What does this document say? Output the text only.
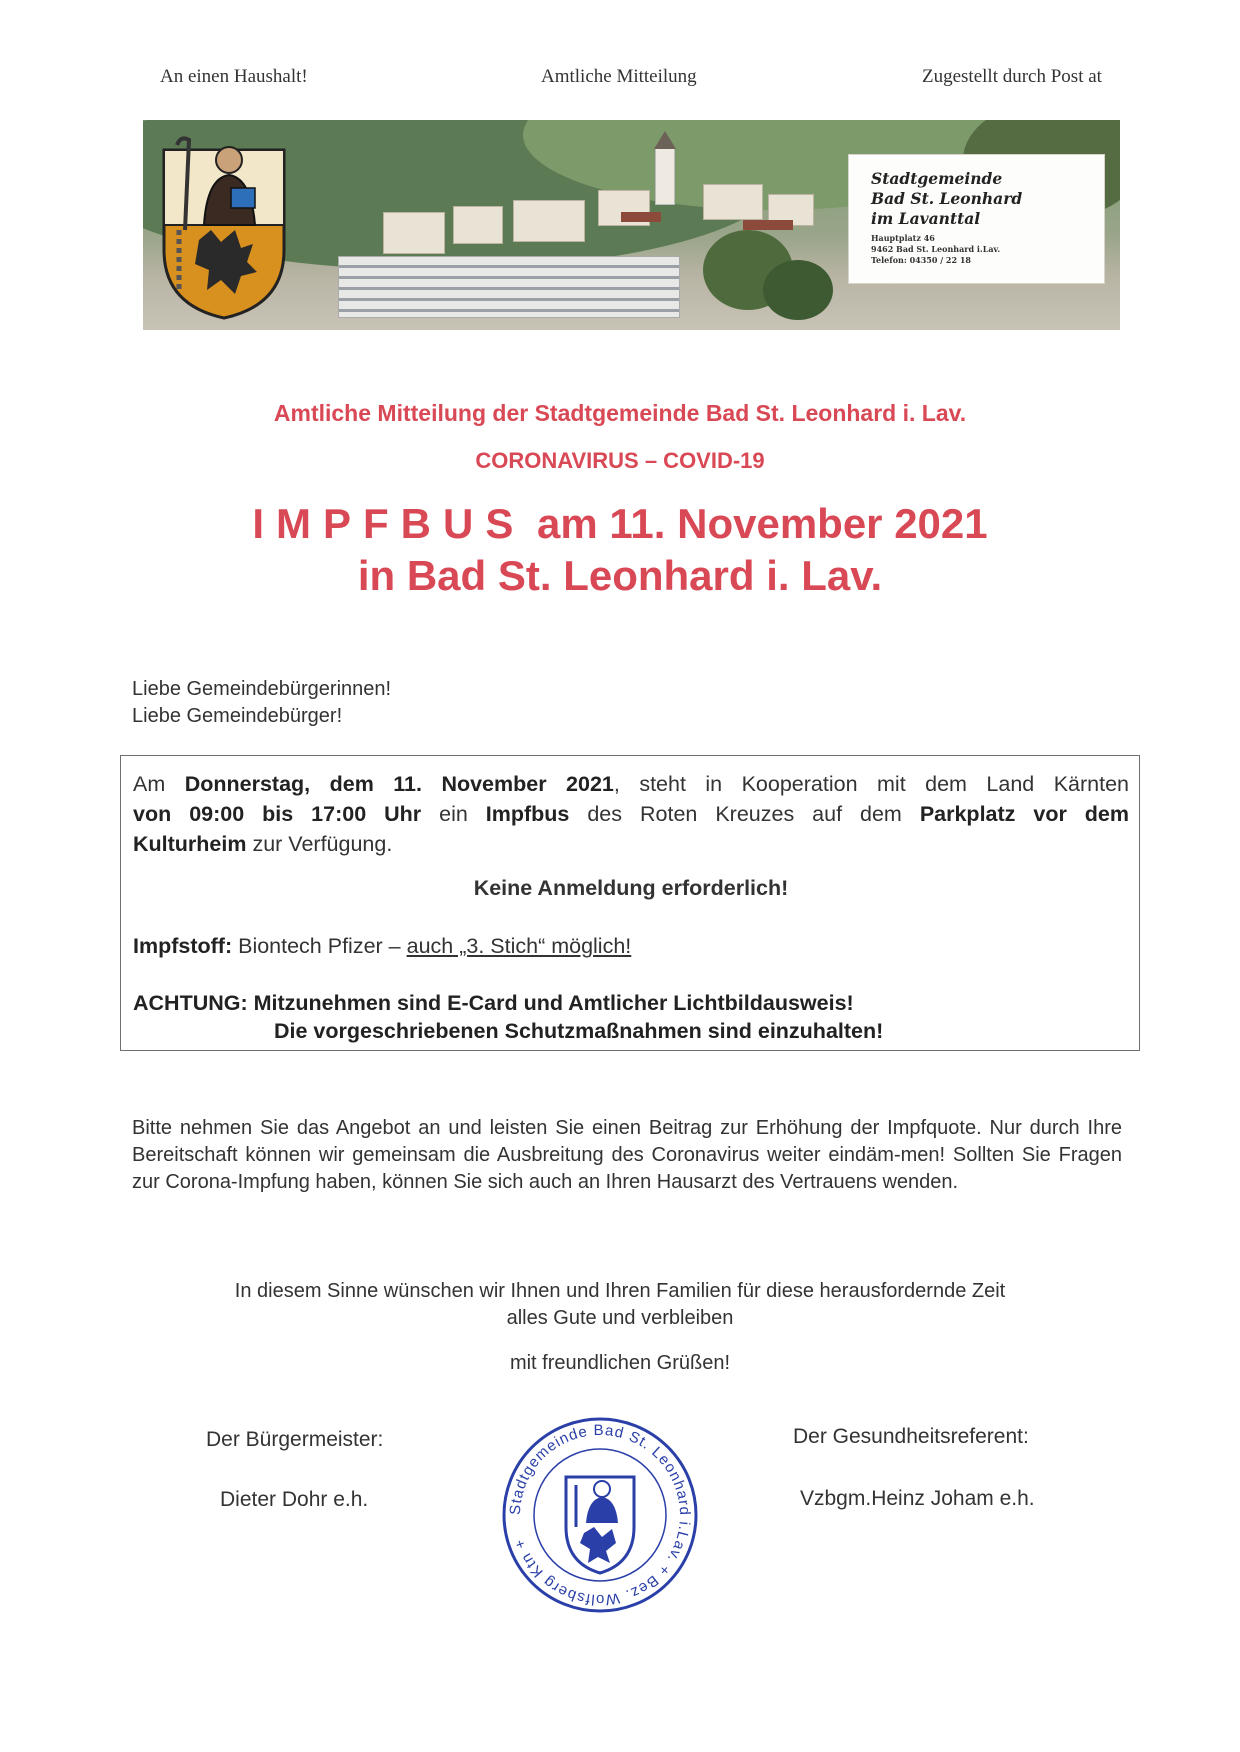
An einen Haushalt!	Amtliche Mitteilung	Zugestellt durch Post at
Stadtgemeinde
Bad St. Leonhard
im Lavanttal
Hauptplatz 46
9462 Bad St. Leonhard i.Lav.
Telefon: 04350 / 22 18
Amtliche Mitteilung der Stadtgemeinde Bad St. Leonhard i. Lav.
CORONAVIRUS – COVID-19
IMPFBUS am 11. November 2021
in Bad St. Leonhard i. Lav.
Liebe Gemeindebürgerinnen!
Liebe Gemeindebürger!
Am Donnerstag, dem 11. November 2021, steht in Kooperation mit dem Land Kärnten
von 09:00 bis 17:00 Uhr ein Impfbus des Roten Kreuzes auf dem Parkplatz vor dem
Kulturheim zur Verfügung.
Keine Anmeldung erforderlich!
Impfstoff: Biontech Pfizer – auch „3. Stich“ möglich!
ACHTUNG: Mitzunehmen sind E-Card und Amtlicher Lichtbildausweis!
Die vorgeschriebenen Schutzmaßnahmen sind einzuhalten!
Bitte nehmen Sie das Angebot an und leisten Sie einen Beitrag zur Erhöhung der Impfquote. Nur durch Ihre Bereitschaft können wir gemeinsam die Ausbreitung des Coronavirus weiter eindäm-men! Sollten Sie Fragen zur Corona-Impfung haben, können Sie sich auch an Ihren Hausarzt des Vertrauens wenden.
In diesem Sinne wünschen wir Ihnen und Ihren Familien für diese herausfordernde Zeit
alles Gute und verbleiben
mit freundlichen Grüßen!
Der Bürgermeister:
Dieter Dohr e.h.
Der Gesundheitsreferent:
Vzbgm.Heinz Joham e.h.
Stadtgemeinde Bad St. Leonhard i.Lav. + Bez. Wolfsberg Ktn +
